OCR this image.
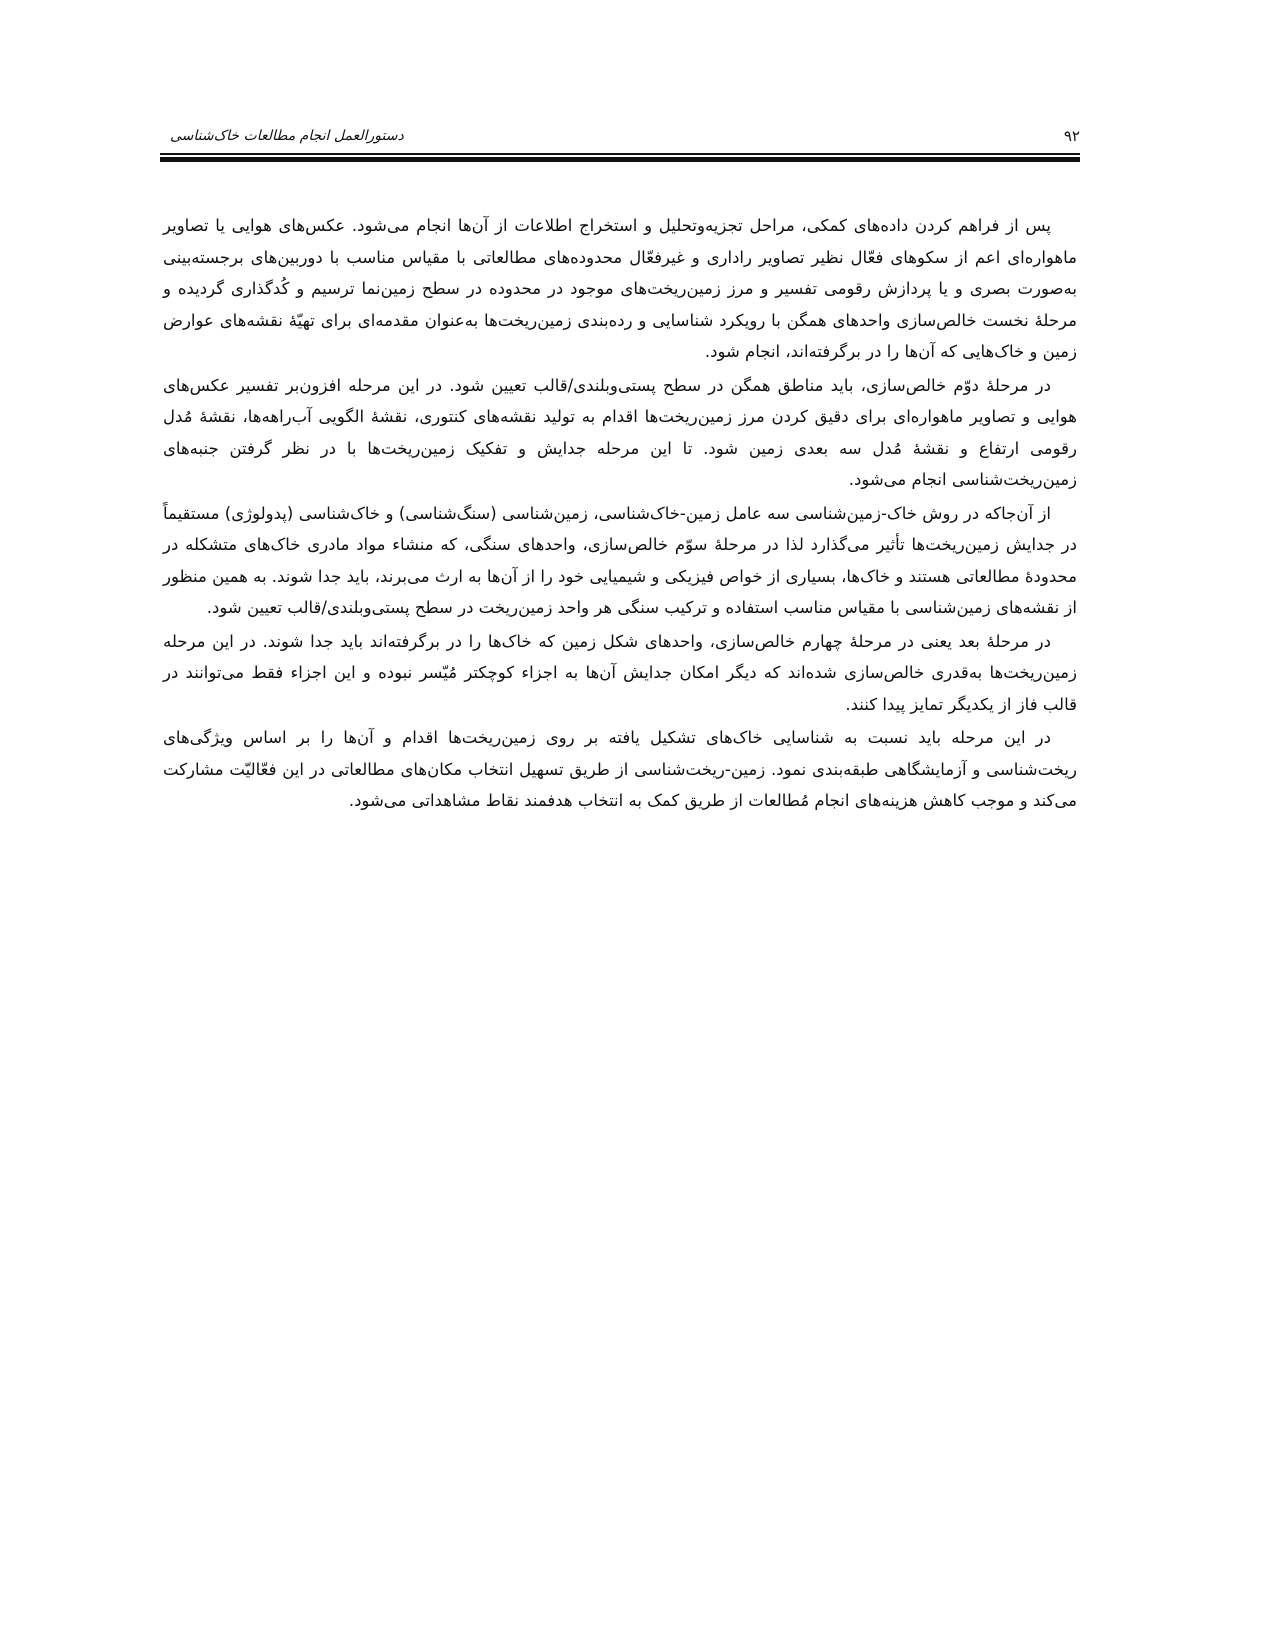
۹۲
دستورالعمل انجام مطالعات خاک‌شناسی

پس از فراهم کردن داده‌های کمکی، مراحل تجزیه‌وتحلیل و استخراج اطلاعات از آن‌ها انجام می‌شود. عکس‌های هوایی یا تصاویر ماهواره‌ای اعم از سکوهای فعّال نظیر تصاویر راداری و غیرفعّال محدوده‌های مطالعاتی با مقیاس مناسب با دوربین‌های برجسته‌بینی به‌صورت بصری و یا پردازش رقومی تفسیر و مرز زمین‌ریخت‌های موجود در محدوده در سطح زمین‌نما ترسیم و کُدگذاری گردیده و مرحلهٔ نخست خالص‌سازی واحدهای همگن با رویکرد شناسایی و رده‌بندی زمین‌ریخت‌ها به‌عنوان مقدمه‌ای برای تهیّهٔ نقشه‌های عوارض زمین و خاک‌هایی که آن‌ها را در برگرفته‌اند، انجام شود.

در مرحلهٔ دوّم خالص‌سازی، باید مناطق همگن در سطح پستی‌وبلندی/قالب تعیین شود. در این مرحله افزون‌بر تفسیر عکس‌های هوایی و تصاویر ماهواره‌ای برای دقیق کردن مرز زمین‌ریخت‌ها اقدام به تولید نقشه‌های کنتوری، نقشهٔ الگویی آب‌راهه‌ها، نقشهٔ مُدل رقومی ارتفاع و نقشهٔ مُدل سه بعدی زمین شود. تا این مرحله جدایش و تفکیک زمین‌ریخت‌ها با در نظر گرفتن جنبه‌های زمین‌ریخت‌شناسی انجام می‌شود.

از آن‌جاکه در روش خاک-زمین‌شناسی سه عامل زمین-خاک‌شناسی، زمین‌شناسی (سنگ‌شناسی) و خاک‌شناسی (پدولوژی) مستقیماً در جدایش زمین‌ریخت‌ها تأثیر می‌گذارد لذا در مرحلهٔ سوّم خالص‌سازی، واحدهای سنگی، که منشاء مواد مادری خاک‌های متشکله در محدودهٔ مطالعاتی هستند و خاک‌ها، بسیاری از خواص فیزیکی و شیمیایی خود را از آن‌ها به ارث می‌برند، باید جدا شوند. به همین منظور از نقشه‌های زمین‌شناسی با مقیاس مناسب استفاده و ترکیب سنگی هر واحد زمین‌ریخت در سطح پستی‌وبلندی/قالب تعیین شود.

در مرحلهٔ بعد یعنی در مرحلهٔ چهارم خالص‌سازی، واحدهای شکل زمین که خاک‌ها را در برگرفته‌اند باید جدا شوند. در این مرحله زمین‌ریخت‌ها به‌قدری خالص‌سازی شده‌اند که دیگر امکان جدایش آن‌ها به اجزاء کوچکتر مُیّسر نبوده و این اجزاء فقط می‌توانند در قالب فاز از یکدیگر تمایز پیدا کنند.

در این مرحله باید نسبت به شناسایی خاک‌های تشکیل یافته بر روی زمین‌ریخت‌ها اقدام و آن‌ها را بر اساس ویژگی‌های ریخت‌شناسی و آزمایشگاهی طبقه‌بندی نمود. زمین-ریخت‌شناسی از طریق تسهیل انتخاب مکان‌های مطالعاتی در این فعّالیّت مشارکت می‌کند و موجب کاهش هزینه‌های انجام مُطالعات از طریق کمک به انتخاب هدفمند نقاط مشاهداتی می‌شود.
